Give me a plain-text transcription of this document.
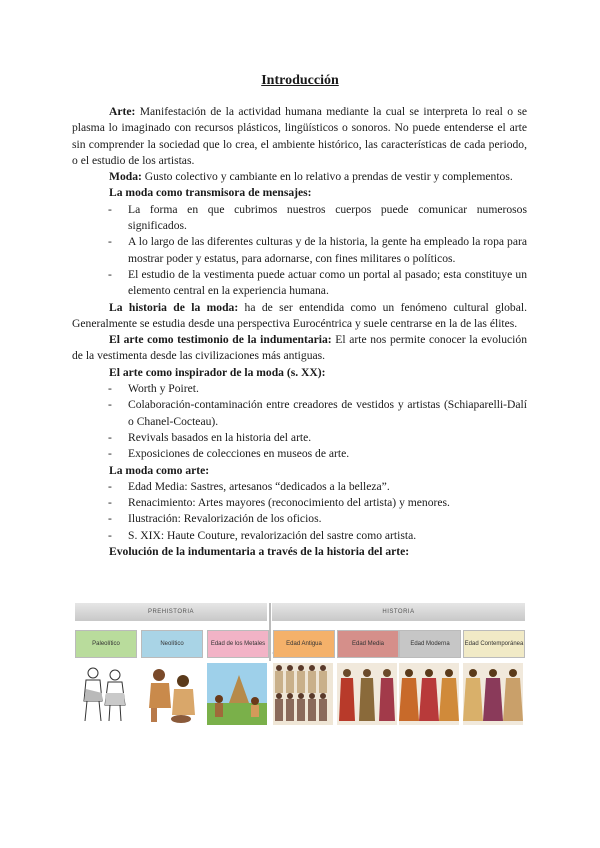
Introducción

Arte: Manifestación de la actividad humana mediante la cual se interpreta lo real o se plasma lo imaginado con recursos plásticos, lingüísticos o sonoros. No puede entenderse el arte sin comprender la sociedad que lo crea, el ambiente histórico, las características de cada periodo, o el estudio de los artistas.

Moda: Gusto colectivo y cambiante en lo relativo a prendas de vestir y complementos.

La moda como transmisora de mensajes:

- La forma en que cubrimos nuestros cuerpos puede comunicar numerosos significados.
- A lo largo de las diferentes culturas y de la historia, la gente ha empleado la ropa para mostrar poder y estatus, para adornarse, con fines militares o políticos.
- El estudio de la vestimenta puede actuar como un portal al pasado; esta constituye un elemento central en la experiencia humana.

La historia de la moda: ha de ser entendida como un fenómeno cultural global. Generalmente se estudia desde una perspectiva Eurocéntrica y suele centrarse en la de las élites.

El arte como testimonio de la indumentaria: El arte nos permite conocer la evolución de la vestimenta desde las civilizaciones más antiguas.

El arte como inspirador de la moda (s. XX):

- Worth y Poiret.
- Colaboración-contaminación entre creadores de vestidos y artistas (Schiaparelli-Dalí o Chanel-Cocteau).
- Revivals basados en la historia del arte.
- Exposiciones de colecciones en museos de arte.

La moda como arte:

- Edad Media: Sastres, artesanos “dedicados a la belleza”.
- Renacimiento: Artes mayores (reconocimiento del artista) y menores.
- Ilustración: Revalorización de los oficios.
- S. XIX: Haute Couture, revalorización del sastre como artista.

Evolución de la indumentaria a través de la historia del arte:

PREHISTORIA	HISTORIA
Paleolítico	Neolítico	Edad de los Metales	Edad Antigua	Edad Media	Edad Moderna	Edad Contemporánea
